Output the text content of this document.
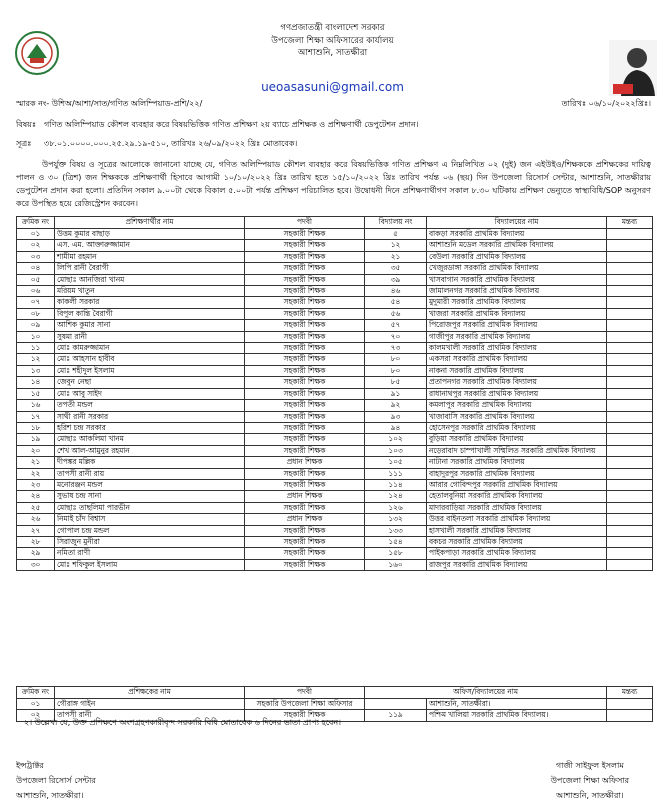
গণপ্রজাতন্ত্রী বাংলাদেশ সরকার
উপজেলা শিক্ষা অফিসারের কার্যালয়
আশাশুনি, সাতক্ষীরা
ueoasasuni@gmail.com
স্মারক নং- উশিঅ/আশা/সাত/গণিত অলিম্পিয়াড-প্রশি/২২/	তারিখঃ ০৬/১০/২০২২খ্রিঃ।
বিষয়ঃ গণিত অলিম্পিয়াড কৌশল ব্যবহার করে বিষয়ভিত্তিক গণিত প্রশিক্ষণ ২য় ব্যাচে প্রশিক্ষক ও প্রশিক্ষণার্থী ডেপুটেশন প্রদান।
সূত্রঃ ৩৮.০১.০০০০.০০০.২৫.২৯.১৯-৫১০, তারিখঃ ২৬/০৯/২০২২ খ্রিঃ মোতাবেক।
উপর্যুক্ত বিষয় ও সূত্রের আলোকে জানানো যাচ্ছে যে, গণিত অলিম্পিয়াড কৌশল ব্যবহার করে বিষয়ভিত্তিক গণিত প্রশিক্ষণ এ নিম্নলিখিত ০২ (দুই) জন এইউইও/শিক্ষককে প্রশিক্ষকের দায়িত্ব পালন ও ৩০ (ত্রিশ) জন শিক্ষককে প্রশিক্ষণার্থী হিসাবে আগামী ১০/১০/২০২২ খ্রিঃ তারিখ হতে ১৫/১০/২০২২ খ্রিঃ তারিখ পর্যন্ত ০৬ (ছয়) দিন উপজেলা রিসোর্স সেন্টার, আশাশুনি, সাতক্ষীরায় ডেপুটেশন প্রদান করা হলো। প্রতিদিন সকাল ৯.০০টা থেকে বিকাল ৫.০০টা পর্যন্ত প্রশিক্ষণ পরিচালিত হবে। উদ্বোধনী দিনে প্রশিক্ষণার্থীগণ সকাল ৮.৩০ ঘটিকায় প্রশিক্ষণ ভেন্যুতে স্বাস্থ্যবিধি/SOP অনুসরণ করে উপস্থিত হয়ে রেজিস্ট্রেশন করবেন।
ক্রমিক নং	প্রশিক্ষণার্থীর নাম	পদবী	বিদ্যালয় নং	বিদ্যালয়ের নাম	মন্তব্য
০১	উত্তম কুমার বাছাড়	সহকারী শিক্ষক	৫	বাকড়া সরকারি প্রাথমিক বিদ্যালয়	
০২	এস. এম. আক্তারুজ্জামান	সহকারী শিক্ষক	১২	আশাশুনি মডেল সরকারি প্রাথমিক বিদ্যালয়	
০৩	শামীমা রহমান	সহকারী শিক্ষক	২১	বেউলা সরকারি প্রাথমিক বিদ্যালয়	
০৪	লিপি রানী বৈরাগী	সহকারী শিক্ষক	৩৫	খেজুরডাঙ্গা সরকারি প্রাথমিক বিদ্যালয়	
০৫	মোছাঃ আনজিরা খানম	সহকারী শিক্ষক	৩৯	খাসবাগান সরকারি প্রাথমিক বিদ্যালয়	
০৬	মরিয়ম খাতুন	সহকারী শিক্ষক	৪৬	জামালনগর সরকারি প্রাথমিক বিদ্যালয়	
০৭	কাকলী সরকার	সহকারী শিক্ষক	৫৪	মুদুমারী সরকারি প্রাথমিক বিদ্যালয়	
০৮	বিপুল কান্তি বৈরাগী	সহকারী শিক্ষক	৫৬	খাজরা সরকারি প্রাথমিক বিদ্যালয়	
০৯	আশিক কুমার সানা	সহকারী শিক্ষক	৫৭	পিরোজপুর সরকারি প্রাথমিক বিদ্যালয়	
১০	সুষমা রানী	সহকারী শিক্ষক	৭০	গাজীপুর সরকারি প্রাথমিক বিদ্যালয়	
১১	মোঃ কামরুজ্জামান	সহকারী শিক্ষক	৭৩	কালমখালী সরকারি প্রাথমিক বিদ্যালয়	
১২	মোঃ আহসান হাবীব	সহকারী শিক্ষক	৮০	একসরা সরকারি প্রাথমিক বিদ্যালয়	
১৩	মোঃ শহীদুল ইসলাম	সহকারী শিক্ষক	৮০	নাকনা সরকারি প্রাথমিক বিদ্যালয়	
১৪	জেবুন নেছা	সহকারী শিক্ষক	৮৫	প্রতাপনগর সরকারি প্রাথমিক বিদ্যালয়	
১৫	মোঃ আবু সাইদ	সহকারী শিক্ষক	৯১	রাধানাথপুর সরকারি প্রাথমিক বিদ্যালয়	
১৬	তপতী মন্ডল	সহকারী শিক্ষক	৯২	কমলাপুর সরকারি প্রাথমিক বিদ্যালয়	
১৭	সাথী রানী সরকার	সহকারী শিক্ষক	৯৩	খাজাবাসি সরকারি প্রাথমিক বিদ্যালয়	
১৮	হরিশ চন্দ্র সরকার	সহকারী শিক্ষক	৯৪	হোসেনপুর সরকারি প্রাথমিক বিদ্যালয়	
১৯	মোছাঃ আকলিমা খানম	সহকারী শিক্ষক	১০২	বুড়িয়া সরকারি প্রাথমিক বিদ্যালয়	
২০	শেখ আল-আমুনুর রহমান	সহকারী শিক্ষক	১০৩	নড়েরাবাদ চাম্পাখালী সম্মিলিত সরকারি প্রাথমিক বিদ্যালয়	
২১	দীপঙ্কর মল্লিক	প্রধান শিক্ষক	১০৫	নাটানা সরকারি প্রাথমিক বিদ্যালয়	
২২	তাপসী রানী রায়	সহকারী শিক্ষক	১১১	বাহাদুরপুর সরকারি প্রাথমিক বিদ্যালয়	
২৩	মনোরঞ্জন মন্ডল	সহকারী শিক্ষক	১১৪	আরার গোবিন্দপুর সরকারি প্রাথমিক বিদ্যালয়	
২৪	সুভাষ চন্দ্র সানা	প্রধান শিক্ষক	১২৪	হেতালবুনিয়া সরকারি প্রাথমিক বিদ্যালয়	
২৫	মোছাঃ তাছলিমা পারভীন	সহকারী শিক্ষক	১২৬	মাদারবাড়িয়া সরকারি প্রাথমিক বিদ্যালয়	
২৬	নিমাই চাঁদ বিশ্বাস	প্রধান শিক্ষক	১৩২	উত্তর বাইনতলা সরকারি প্রাথমিক বিদ্যালয়	
২৭	গোপাল চন্দ্র মন্ডল	সহকারী শিক্ষক	১৩৩	হাসখালী সরকারি প্রাথমিক বিদ্যালয়	
২৮	সিরাজুন মুনীরা	সহকারী শিক্ষক	১৫৪	বকচর সরকারি প্রাথমিক বিদ্যালয়	
২৯	নমিতা রাণী	সহকারী শিক্ষক	১৫৮	পাইকপাড়া সরকারি প্রাথমিক বিদ্যালয়	
৩০	মোঃ শফিকুল ইসলাম	সহকারী শিক্ষক	১৬০	রাজপুর সরকারি প্রাথমিক বিদ্যালয়	
ক্রমিক নং	প্রশিক্ষকের নাম	পদবী	অফিস/বিদ্যালয়ের নাম		মন্তব্য
০১	গৌরাঙ্গ গাইন	সহকারি উপজেলা শিক্ষা অফিসার		আশাশুনি, সাতক্ষীরা।	
০২	তাপসী রানী	সহকারী শিক্ষক	১১৯	পশ্চিম খালিয়া সরকারি প্রাথমিক বিদ্যালয়।	
২। উল্লেখ্য যে, উক্ত প্রশিক্ষণে অংশগ্রহণকারীবৃন্দ সরকারি বিধি মোতাবেক ৬ দিনের ভাতা প্রাপ্য হবেন।
ইন্সট্রাক্টর
উপজেলা রিসোর্স সেন্টার
আশাশুনি, সাতক্ষীরা।
গাজী সাইফুল ইসলাম
উপজেলা শিক্ষা অফিসার
আশাশুনি, সাতক্ষীরা।
